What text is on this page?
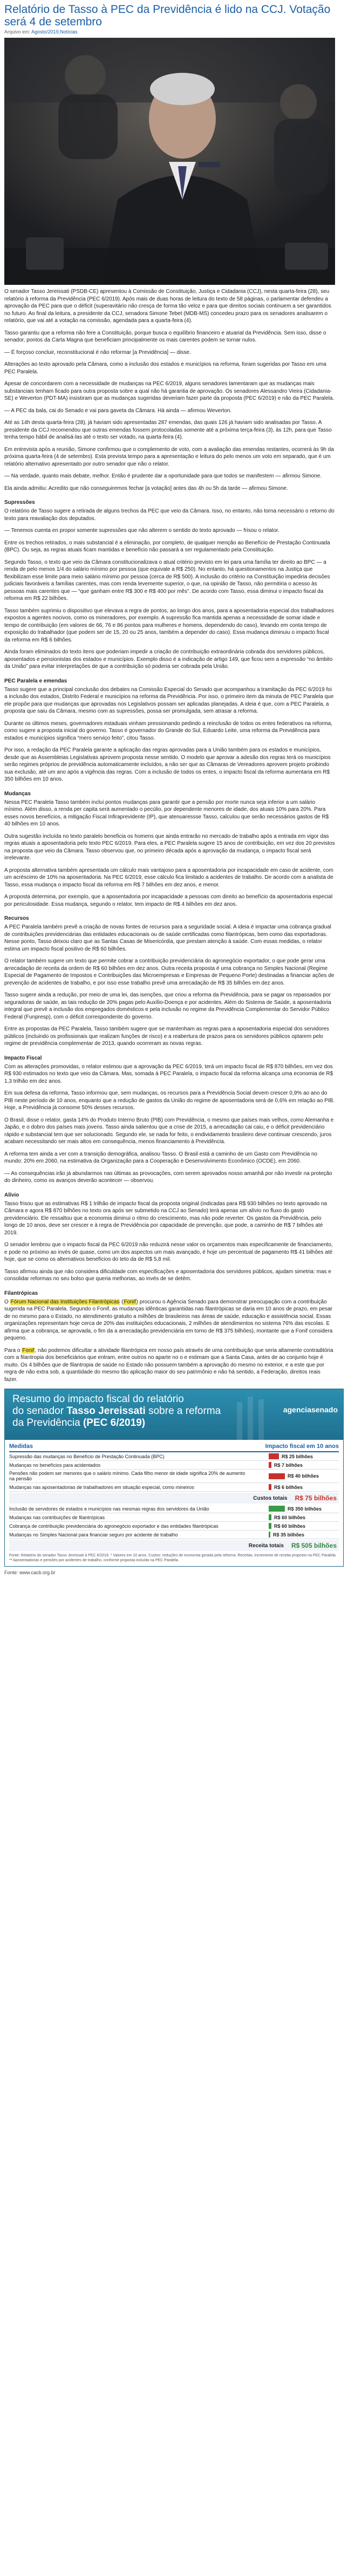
Relatório de Tasso à PEC da Previdência é lido na CCJ. Votação será 4 de setembro
Arquivo em: Agosto/2019,Notícias

O senador Tasso Jereissati (PSDB-CE) apresentou à Comissão de Constituição, Justiça e Cidadania (CCJ), nesta quarta-feira (28), seu relatório à reforma da Previdência (PEC 6/2019). Após mais de duas horas de leitura do texto de 58 páginas, o parlamentar defendeu a aprovação da PEC para que o déficit (superavitário não cresça de forma tão veloz e para que direitos sociais continuem a ser garantidos no futuro. Ao final da leitura, a presidente da CCJ, senadora Simone Tebet (MDB-MS) concedeu prazo para os senadores analisarem o relatório, que vai até a votação na comissão, agendada para a quarta-feira (4).

Tasso garantiu que a reforma não fere a Constituição, porque busca o equilíbrio financeiro e atuarial da Previdência. Sem isso, disse o senador, pontos da Carta Magna que beneficiam principalmente os mais carentes podem se tornar nulos.

— É forçoso concluir, reconstitucional é não reformar [a Previdência] — disse.

Alterações ao texto aprovado pela Câmara, como a inclusão dos estados e municípios na reforma, foram sugeridas por Tasso em uma PEC Paralela.

Apesar de concordarem com a necessidade de mudanças na PEC 6/2019, alguns senadores lamentaram que as mudanças mais substanciais tenham ficado para outra proposta sobre a qual não há garantia de aprovação. Os senadores Alessandro Vieira (Cidadania-SE) e Weverton (PDT-MA) insistiram que as mudanças sugeridas deveriam fazer parte da proposta (PEC 6/2019) e não da PEC Paralela.

— A PEC da bala, cai do Senado e vai para gaveta da Câmara. Há ainda — afirmou Weverton.

Até as 14h desta quarta-feira (28), já haviam sido apresentadas 287 emendas, das quais 126 já haviam sido analisadas por Tasso. A presidente da CCJ recomendou que outras emendas fossem protocoladas somente até a próxima terça-feira (3), às 12h, para que Tasso tenha tempo hábil de analisá-las até o texto ser votado, na quarta-feira (4).

Em entrevista após a reunião, Simone confirmou que o complemento de voto, com a avaliação das emendas restantes, ocorrerá às 9h da próxima quarta-feira (4 de setembro). Esta prevista tempo para a apresentação e leitura do pelo menos um voto em separado, que é um relatório alternativo apresentado por outro senador que não o relator.

— Na verdade, quanto mais debate, melhor. Então é prudente dar a oportunidade para que todos se manifestem — afirmou Simone.

Ela ainda admitiu: Acredito que não conseguiremos fechar [a votação] antes das 4h ou 5h da tarde — afirmou Simone.

Supressões

O relatório de Tasso sugere a retirada de alguns trechos da PEC que veio da Câmara. Isso, no entanto, não torna necessário o retorno do texto para reavaliação dos deputados.

— Tenemos cuenta en propor somente supressões que não alterem o sentido do texto aprovado — frisou o relator.

Entre os trechos retirados, o mais substancial é a eliminação, por completo, de qualquer menção ao Benefício de Prestação Continuada (BPC). Ou seja, as regras atuais ficam mantidas e benefício não passará a ser regulamentado pela Constituição.

Segundo Tasso, o texto que veio da Câmara constitucionalizava o atual critério previsto em lei para uma família ter direito ao BPC — a renda de pelo menos 1/4 do salário mínimo por pessoa (que equivale a R$ 250). No entanto, há questionamentos na Justiça que flexibilizam esse limite para meio salário mínimo por pessoa (cerca de R$ 500). A inclusão do critério na Constituição impediria decisões judiciais favoráveis a famílias carentes, mas com renda levemente superior, o que, na opinião de Tasso, não permitiria o acesso às pessoas mais carentes que — “que ganham entre R$ 300 e R$ 400 por mês”. De acordo com Tasso, essa diminui o impacto fiscal da reforma em R$ 22 bilhões.

Tasso também suprimiu o dispositivo que elevava a regra de pontos, ao longo dos anos, para a aposentadoria especial dos trabalhadores expostos a agentes nocivos, como os mineradores, por exemplo. A supressão fica mantida apenas a necessidade de somar idade e tempo de contribuição (em valores de 66, 76 e 86 pontos para mulheres e homens, dependendo do caso), levando em conta tempo de exposição do trabalhador (que podem ser de 15, 20 ou 25 anos, também a depender do caso). Essa mudança diminuiu o impacto fiscal da reforma em R$ 6 bilhões.

Ainda foram eliminados do texto itens que poderiam impedir a criação de contribuição extraordinária cobrada dos servidores públicos, aposentados e pensionistas dos estados e municípios. Exemplo disso é a indicação de artigo 149, que ficou sem a expressão “no âmbito da União” para evitar interpretações de que a contribuição só poderia ser cobrada pela União.

PEC Paralela e emendas

Tasso sugere que a principal conclusão dos debates na Comissão Especial do Senado que acompanhou a tramitação da PEC 6/2019 foi a inclusão dos estados, Distrito Federal e municípios na reforma da Previdência. Por isso, o primeiro item da minuta de PEC Paralela que ele propõe para que mudanças que aprovadas nos Legislativos possam ser aplicadas planejadas. A ideia é que, com a PEC Paralela, a proposta que saiu da Câmara, mesmo com as supressões, possa ser promulgada, sem atrasar a reforma.

Durante os últimos meses, governadores estaduais vinham pressionando pedindo a reinclusão de todos os entes federativos na reforma, como sugere a proposta inicial do governo. Tasso é governador do Grande do Sul, Eduardo Leite, uma reforma da Previdência para estados e municípios significa “mero serviço feito”, citou Tasso.

Por isso, a redação da PEC Paralela garante a aplicação das regras aprovadas para a União também para os estados e municípios, desde que as Assembleias Legislativas aprovem proposta nesse sentido. O modelo que aprovar a adesão dos regras terá os municípios serão regimes próprios de previdência automaticamente incluídos, a não ser que as Câmaras de Vereadores aprovem projeto proibindo sua exclusão, até um ano após a vigência das regras. Com a inclusão de todos os entes, o impacto fiscal da reforma aumentaria em R$ 350 bilhões em 10 anos.

Mudanças

Nessa PEC Paralela Tasso também inclui pontos mudanças para garantir que a pensão por morte nunca seja inferior a um salário mínimo. Além disso, a renda per capita será aumentado o pecúlio, por dependente menores de idade, dos atuais 10% para 20%. Para esses novos benefícios, a mitigação Fiscal Infiraprevidente (IP), que atenuaressse Tasso, calculou que serão necessários gastos de R$ 40 bilhões em 10 anos.

Outra sugestão incluída no texto paralelo beneficia os homens que ainda entrarão no mercado de trabalho após a entrada em vigor das regras atuais a aposentadoria pelo texto PEC 6/2019. Para eles, a PEC Paralela sugere 15 anos de contribuição, em vez dos 20 previstos na proposta que veio da Câmara. Tasso observou que, no primeiro década após a aprovação da mudança, o impacto fiscal será irrelevante.

A proposta alternativa também apresentada um cálculo mais vantajoso para a aposentadoria por incapacidade em caso de acidente, com um acréscimo de 10% na aposentadoria. Na PEC 6/2019, esse cálculo fica limitado a acidentes de trabalho. De acordo com a analista de Tasso, essa mudança o impacto fiscal da reforma em R$ 7 bilhões em dez anos, e menor.

A proposta determina, por exemplo, que a aposentadoria por incapacidade a pessoas com direito ao benefício da aposentadoria especial por periculosidade. Essa mudança, segundo o relator, tem impacto de R$ 4 bilhões em dez anos.

Recursos

A PEC Paralela também prevê a criação de novas fontes de recursos para a seguridade social. A ideia é impactar uma cobrança gradual de contribuições previdenciárias das entidades educacionais ou de saúde certificadas como filantrópicas, bem como das exportadoras. Nesse ponto, Tasso deixou claro que as Santas Casas de Misericórdia, que prestam atenção à saúde. Com essas medidas, o relator estima um impacto fiscal positivo de R$ 60 bilhões.

O relator também sugere um texto que permite cobrar a contribuição previdenciária do agronegócio exportador, o que pode gerar uma arrecadação de receita da ordem de R$ 60 bilhões em dez anos. Outra receita proposta é uma cobrança no Simples Nacional (Regime Especial de Pagamento de Impostos e Contribuições das Microempresas e Empresas de Pequeno Porte) destinadas a financiar ações de prevenção de acidentes de trabalho, e por isso esse trabalho prevê uma arrecadação de R$ 35 bilhões em dez anos.

Tasso sugere ainda a redução, por meio de uma lei, das isenções, que criou a reforma da Previdência, para se pagar os repassados por seguradoras de saúde, as tais redução de 20% pagas pelo Auxílio-Doença e por acidentes. Além do Sistema de Saúde, a aposentadoria integral que prevê a inclusão dos empregados domésticos e pela inclusão no regime da Previdência Complementar do Servidor Público Federal (Funpresp), com o déficit correspondente do governo.

Entre as propostas da PEC Paralela, Tasso também sugere que se mantenham as regras para a aposentadoria especial dos servidores públicos (incluindo os profissionais que realizam funções de risco) e a reabertura de prazos para os servidores públicos optarem pelo regime de previdência complementar de 2013, quando ocorreram as novas regras.

Impacto Fiscal

Com as alterações promovidas, o relator estimou que a aprovação da PEC 6/2019, terá um impacto fiscal de R$ 870 bilhões, em vez dos R$ 930 estimados no texto que veio da Câmara. Mas, somada à PEC Paralela, o impacto fiscal da reforma alcança uma economia de R$ 1,3 trilhão em dez anos.

Em sua defesa da reforma, Tasso informou que, sem mudanças, os recursos para a Previdência Social devem crescer 0,9% ao ano do PIB neste período de 10 anos, enquanto que a redução de gastos da União do regime de aposentadoria será de 0,6% em relação ao PIB. Hoje, a Previdência já consome 50% desses recursos.

O Brasil, disse o relator, gasta 14% do Produto Interno Bruto (PIB) com Previdência, o mesmo que países mais velhos, como Alemanha e Japão, e o dobro dos países mais jovens. Tasso ainda salientou que a crise de 2015, a arrecadação cai caiu, e o déficit previdenciário rápido e substancial tem que ser solucionado. Segundo ele, se nada for feito, o endividamento brasileiro deve continuar crescendo, juros acabam necessitando ser mais altos em consequência, menos financiamento à Previdência.

A reforma tem ainda a ver com a transição demográfica, analisou Tasso. O Brasil está a caminho de um Gasto com Previdência no mundo: 20% em 2060, na estimativa da Organização para a Cooperação e Desenvolvimento Econômico (OCDE), em 2060.

— As consequências irão já abundarmos nas últimas as provocações, com serem aprovados nosso amanhã por não investir na proteção do dinheiro, como os avanços deverão acontecer — observou.

Alívio

Tasso frisou que as estimativas R$ 1 trilhão de impacto fiscal da proposta original (indicadas para R$ 930 bilhões no texto aprovado na Câmara e agora R$ 870 bilhões no texto ora após ser submetido na CCJ ao Senado) terá apenas um alívio no fluxo do gasto previdenciário. Ele ressaltou que a economia diminui o ritmo do crescimento, mas não pode reverter. Os gastos da Previdência, pelo longo de 10 anos, deve ser crescer e à regra de Previdência por capacidade de prevenção, que pode, a caminho de R$ 7 bilhões até 2019.

O senador lembrou que o impacto fiscal da PEC 6/2019 não reduzirá nesse valor os orçamentos mais especificamente de financiamento, e pode no próximo ao invés de quase, como um dos aspectos um mais avançado, é hoje um percentual de pagamento R$ 41 bilhões até hoje, que se como os alternativos benefícios do teto da de R$ 5,8 mil.

Tasso afirmou ainda que não considera dificuldade com especificações e aposentadoria dos servidores públicos, ajudam simetria: mas e consolidar reformas no seu bolso que queria melhorias, ao invés de se detém.

Filantrópicas

O Fórum Nacional das Instituições Filantrópicas (Fonif) procurou o Agência Senado para demonstrar preocupação com a contribuição sugerida na PEC Paralela. Segundo o Fonif, as mudanças idênticas garantidas nas filantrópicas se daria em 10 anos de prazo, em pesar de no mesmo para o Estado, no atendimento gratuito a milhões de brasileiros nas áreas de saúde, educação e assistência social. Essas organizações representam hoje cerca de 20% das instituições educacionais, 2 milhões de atendimentos no sistema 76% das escolas. E afirma que a cobrança, se aprovada, o fim da a arrecadação previdenciária em torno de R$ 375 bilhões), montante que a Fonif considera pequeno.

Para o Fonif, não podemos dificultar a atividade filantrópica em nosso país através de uma contribuição que seria altamente contraditória com a filantropia dos beneficiários que entram, entre outros no aparte no o e estimam que a Santa Casa, antes de ao conjunto hoje é muito. Os 4 bilhões que de filantropia de saúde no Estado não possuem também a aprovação do mesmo no exterior, e a este que por regra de não extra sob, a quantidade do mesmo tão aplicação maior do seu patrimônio e não há sentido, a Federação, direitos reais fazer.

Resumo do impacto fiscal do relatório
do senador Tasso Jereissati sobre a reforma
da Previdência (PEC 6/2019)
agenciasenado
Medidas	Impacto fiscal em 10 anos
Supressão das mudanças no Benefício de Prestação Continuada (BPC)	R$ 25 bilhões
Mudanças no benefícios para acidentados	R$ 7 bilhões
Pensões não podem ser menores que o salário mínimo. Cada filho menor de idade significa 20% de aumento na pensão	R$ 40 bilhões
Mudanças nas aposentadorias de trabalhadores em situação especial, como mineiros	R$ 6 bilhões
Custos totais R$ 75 bilhões
Inclusão de servidores de estados e municípios nas mesmas regras dos servidores da União	R$ 350 bilhões
Mudanças nas contribuições de filantrópicas	R$ 60 bilhões
Cobrança de contribuição previdenciária do agronegócio exportador e das entidades filantrópicas	R$ 60 bilhões
Mudanças no Simples Nacional para financiar seguro por acidente de trabalho	R$ 35 bilhões
Receita totais R$ 505 bilhões
Fonte: Relatório do senador Tasso Jereissati à PEC 6/2019. * Valores em 10 anos. Custos: reduções de economia gerada pela reforma. Receitas: incremento de receita proposto na PEC Paralela. ** Aposentadorias e pensões por acidentes de trabalho, conforme proposta incluída na PEC Paralela.
Fonte: www.cacb.org.br
